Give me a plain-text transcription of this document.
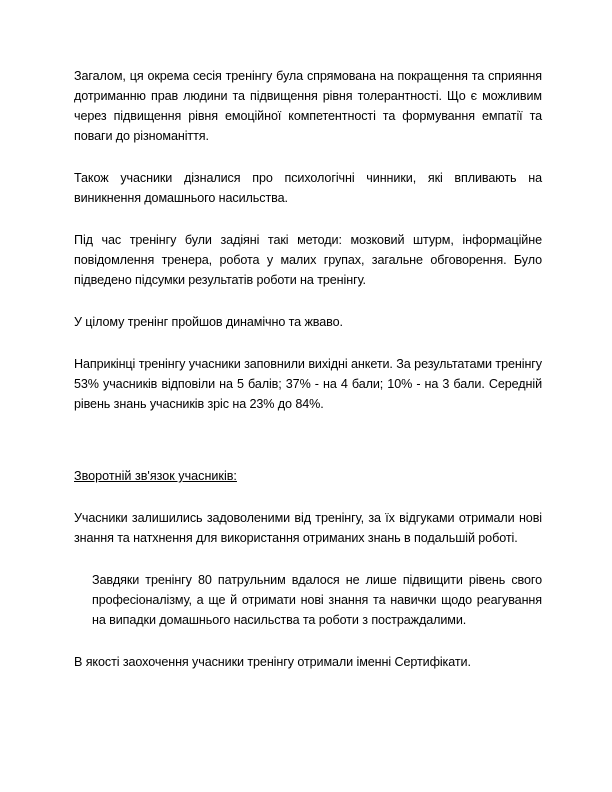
Загалом, ця окрема сесія тренінгу була спрямована на покращення та сприяння дотриманню прав людини та підвищення рівня толерантності. Що є можливим через підвищення рівня емоційної компетентності та формування емпатії та поваги до різноманіття.

Також учасники дізналися про психологічні чинники, які впливають на виникнення домашнього насильства.

Під час тренінгу були задіяні такі методи: мозковий штурм, інформаційне повідомлення тренера, робота у малих групах, загальне обговорення. Було підведено підсумки результатів роботи на тренінгу.

У цілому тренінг пройшов динамічно та жваво.

Наприкінці тренінгу учасники заповнили вихідні анкети. За результатами тренінгу 53% учасників відповіли на 5 балів; 37% - на 4 бали; 10% - на 3 бали. Середній рівень знань учасників зріс на 23% до 84%.

Зворотній зв'язок учасників:

Учасники залишились задоволеними від тренінгу, за їх відгуками отримали нові знання та натхнення для використання отриманих знань в подальшій роботі.

Завдяки тренінгу 80 патрульним вдалося не лише підвищити рівень свого професіоналізму, а ще й отримати нові знання та навички щодо реагування на випадки домашнього насильства та роботи з постраждалими.

В якості заохочення учасники тренінгу отримали іменні Сертифікати.
